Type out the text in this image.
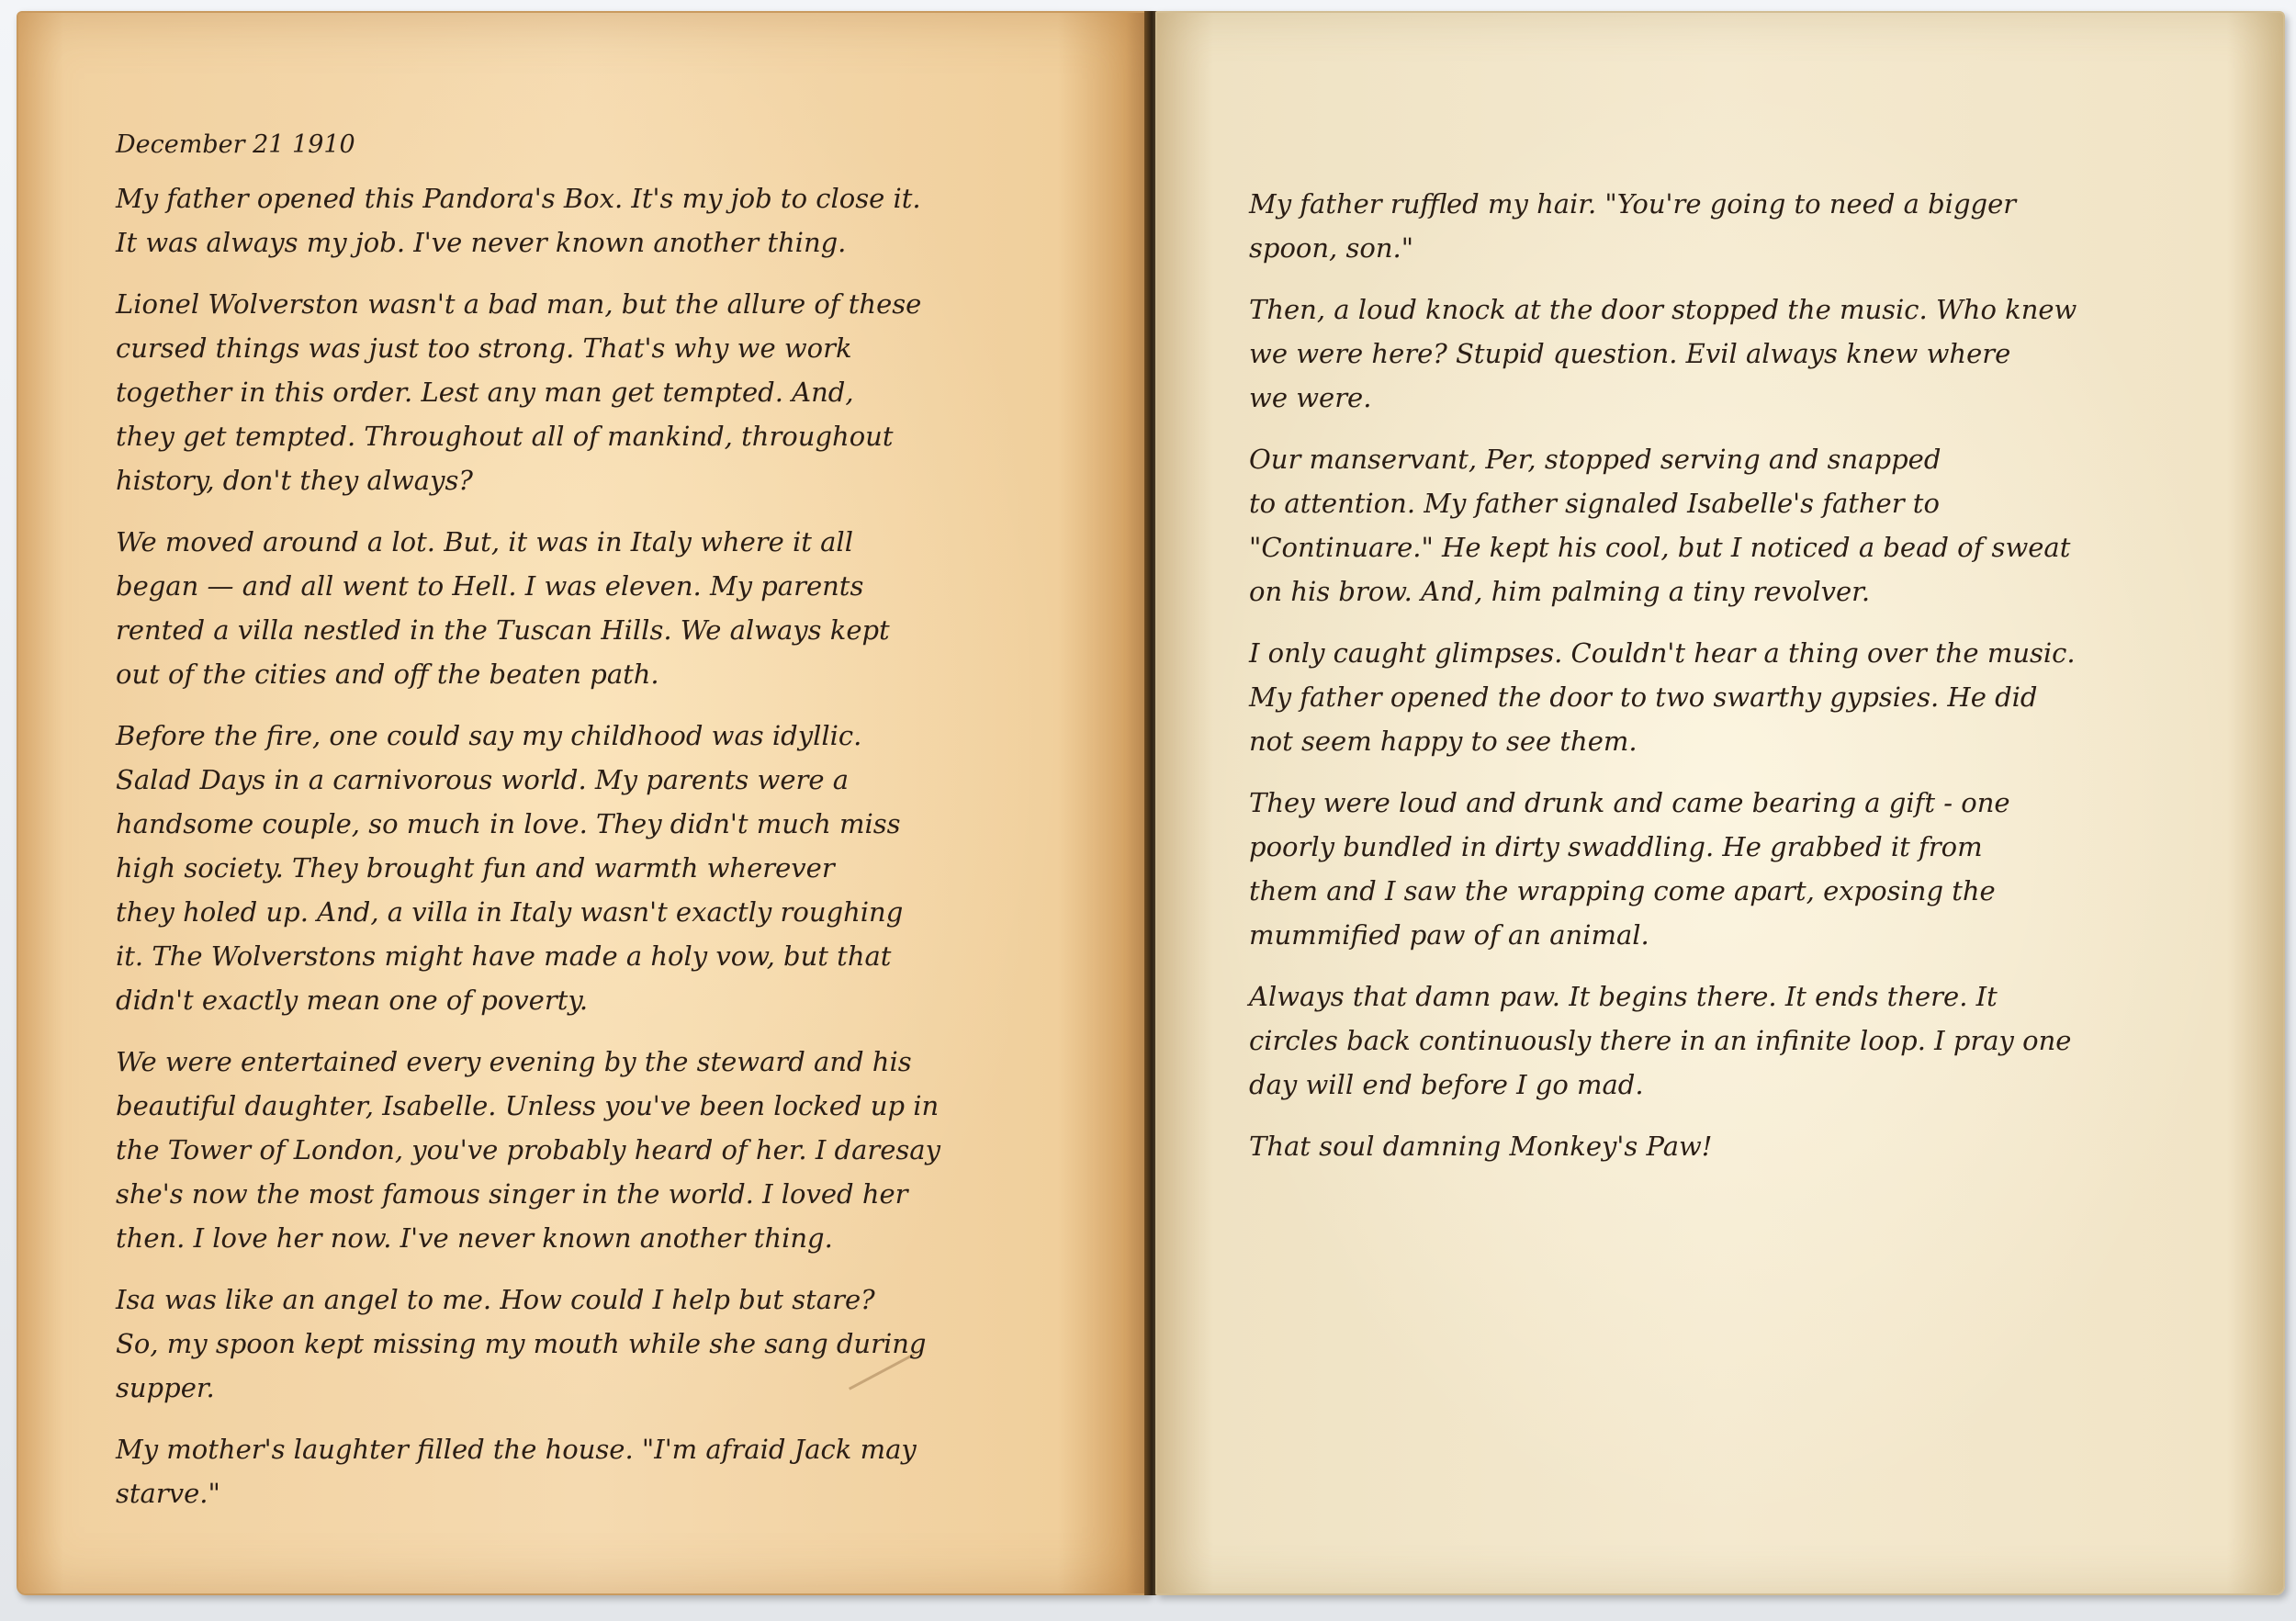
December 21 1910
My father opened this Pandora's Box. It's my job to close it.
It was always my job. I've never known another thing.
Lionel Wolverston wasn't a bad man, but the allure of these
cursed things was just too strong. That's why we work
together in this order. Lest any man get tempted. And,
they get tempted. Throughout all of mankind, throughout
history, don't they always?
We moved around a lot. But, it was in Italy where it all
began — and all went to Hell. I was eleven. My parents
rented a villa nestled in the Tuscan Hills. We always kept
out of the cities and off the beaten path.
Before the fire, one could say my childhood was idyllic.
Salad Days in a carnivorous world. My parents were a
handsome couple, so much in love. They didn't much miss
high society. They brought fun and warmth wherever
they holed up. And, a villa in Italy wasn't exactly roughing
it. The Wolverstons might have made a holy vow, but that
didn't exactly mean one of poverty.
We were entertained every evening by the steward and his
beautiful daughter, Isabelle. Unless you've been locked up in
the Tower of London, you've probably heard of her. I daresay
she's now the most famous singer in the world. I loved her
then. I love her now. I've never known another thing.
Isa was like an angel to me. How could I help but stare?
So, my spoon kept missing my mouth while she sang during
supper.
My mother's laughter filled the house. "I'm afraid Jack may
starve."
My father ruffled my hair. "You're going to need a bigger
spoon, son."
Then, a loud knock at the door stopped the music. Who knew
we were here? Stupid question. Evil always knew where
we were.
Our manservant, Per, stopped serving and snapped
to attention. My father signaled Isabelle's father to
"Continuare." He kept his cool, but I noticed a bead of sweat
on his brow. And, him palming a tiny revolver.
I only caught glimpses. Couldn't hear a thing over the music.
My father opened the door to two swarthy gypsies. He did
not seem happy to see them.
They were loud and drunk and came bearing a gift - one
poorly bundled in dirty swaddling. He grabbed it from
them and I saw the wrapping come apart, exposing the
mummified paw of an animal.
Always that damn paw. It begins there. It ends there. It
circles back continuously there in an infinite loop. I pray one
day will end before I go mad.
That soul damning Monkey's Paw!
